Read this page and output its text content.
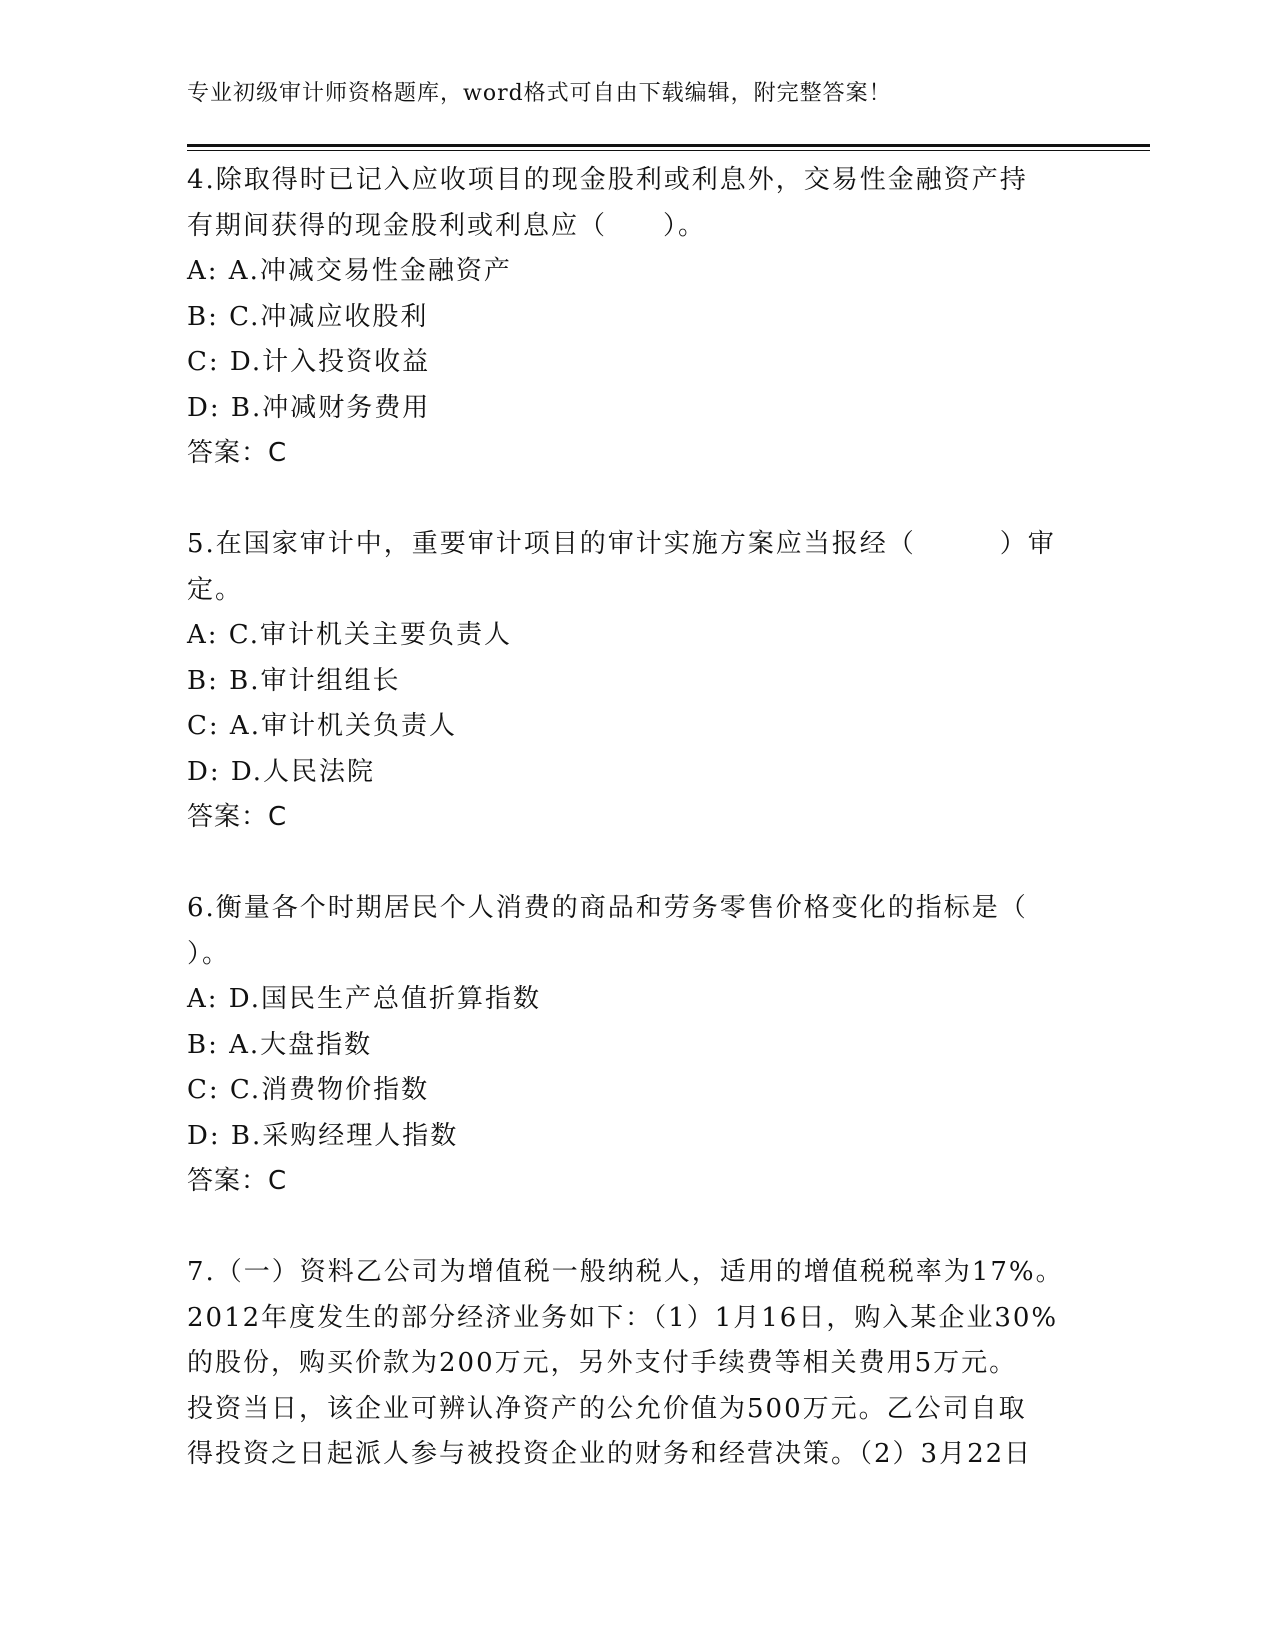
专业初级审计师资格题库，word格式可自由下载编辑，附完整答案！
4.除取得时已记入应收项目的现金股利或利息外，交易性金融资产持
有期间获得的现金股利或利息应（　　）。
A: A.冲减交易性金融资产
B: C.冲减应收股利
C: D.计入投资收益
D: B.冲减财务费用
答案：C
5.在国家审计中，重要审计项目的审计实施方案应当报经（　　　）审
定。
A: C.审计机关主要负责人
B: B.审计组组长
C: A.审计机关负责人
D: D.人民法院
答案：C
6.衡量各个时期居民个人消费的商品和劳务零售价格变化的指标是（
）。
A: D.国民生产总值折算指数
B: A.大盘指数
C: C.消费物价指数
D: B.采购经理人指数
答案：C
7.（一）资料乙公司为增值税一般纳税人，适用的增值税税率为17%。
2012年度发生的部分经济业务如下：（1）1月16日，购入某企业30%
的股份，购买价款为200万元，另外支付手续费等相关费用5万元。
投资当日，该企业可辨认净资产的公允价值为500万元。乙公司自取
得投资之日起派人参与被投资企业的财务和经营决策。（2）3月22日
